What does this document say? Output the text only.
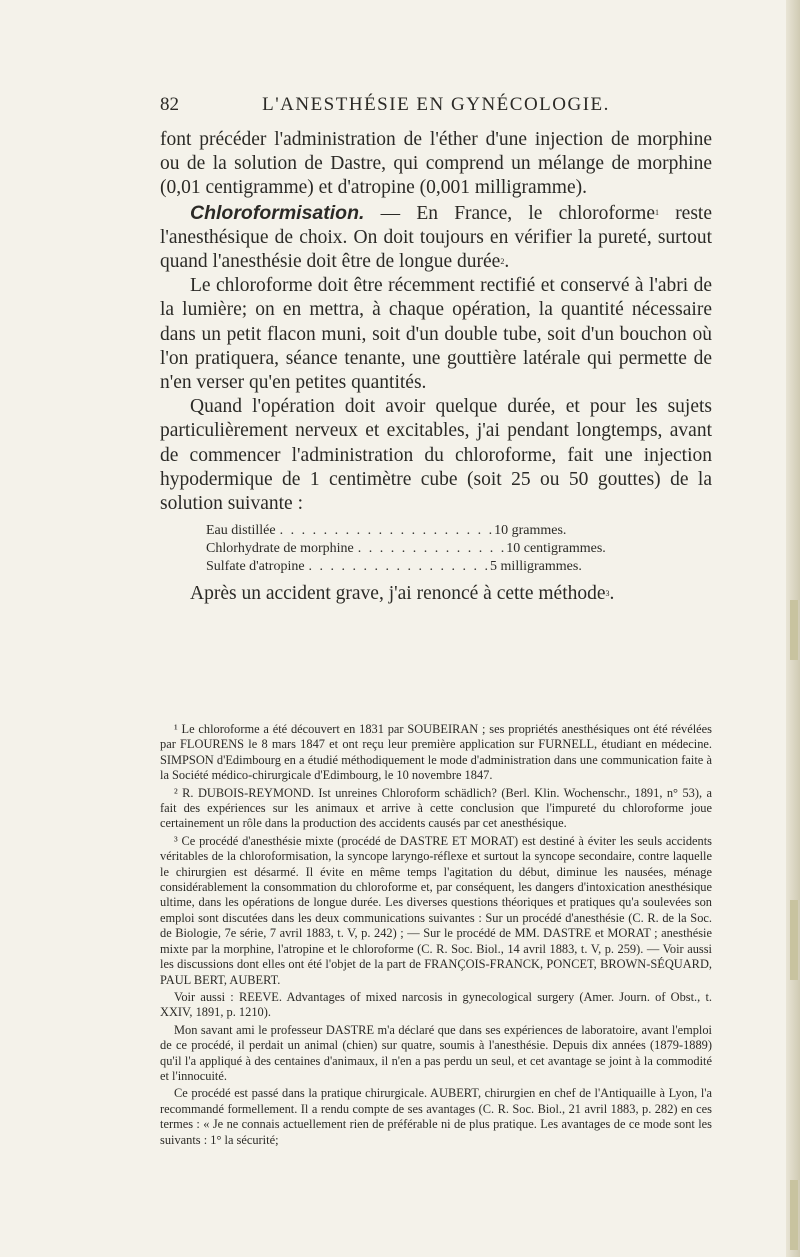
82	L'ANESTHÉSIE EN GYNÉCOLOGIE.

font précéder l'administration de l'éther d'une injection de morphine ou de la solution de Dastre, qui comprend un mélange de morphine (0,01 centigramme) et d'atropine (0,001 milligramme).

Chloroformisation. — En France, le chloroforme$^1$ reste l'anesthésique de choix. On doit toujours en vérifier la pureté, surtout quand l'anesthésie doit être de longue durée$^2$.

Le chloroforme doit être récemment rectifié et conservé à l'abri de la lumière; on en mettra, à chaque opération, la quantité nécessaire dans un petit flacon muni, soit d'un double tube, soit d'un bouchon où l'on pratiquera, séance tenante, une gouttière latérale qui permette de n'en verser qu'en petites quantités.

Quand l'opération doit avoir quelque durée, et pour les sujets particulièrement nerveux et excitables, j'ai pendant longtemps, avant de commencer l'administration du chloroforme, fait une injection hypodermique de 1 centimètre cube (soit 25 ou 50 gouttes) de la solution suivante :

Eau distillée . . . . . . . . . . . . . . . . . . . . 10 grammes.
Chlorhydrate de morphine . . . . . . . . . . . . . . 10 centigrammes.
Sulfate d'atropine . . . . . . . . . . . . . . . . . 5 milligrammes.

Après un accident grave, j'ai renoncé à cette méthode$^3$.

¹ Le chloroforme a été découvert en 1831 par SOUBEIRAN ; ses propriétés anesthésiques ont été révélées par FLOURENS le 8 mars 1847 et ont reçu leur première application sur FURNELL, étudiant en médecine. SIMPSON d'Edimbourg en a étudié méthodiquement le mode d'administration dans une communication faite à la Société médico-chirurgicale d'Edimbourg, le 10 novembre 1847.

² R. DUBOIS-REYMOND. Ist unreines Chloroform schädlich? (Berl. Klin. Wochenschr., 1891, n° 53), a fait des expériences sur les animaux et arrive à cette conclusion que l'impureté du chloroforme joue certainement un rôle dans la production des accidents causés par cet anesthésique.

³ Ce procédé d'anesthésie mixte (procédé de DASTRE ET MORAT) est destiné à éviter les seuls accidents véritables de la chloroformisation, la syncope laryngo-réflexe et surtout la syncope secondaire, contre laquelle le chirurgien est désarmé. Il évite en même temps l'agitation du début, diminue les nausées, ménage considérablement la consommation du chloroforme et, par conséquent, les dangers d'intoxication anesthésique ultime, dans les opérations de longue durée. Les diverses questions théoriques et pratiques qu'a soulevées son emploi sont discutées dans les deux communications suivantes : Sur un procédé d'anesthésie (C. R. de la Soc. de Biologie, 7e série, 7 avril 1883, t. V, p. 242) ; — Sur le procédé de MM. DASTRE et MORAT ; anesthésie mixte par la morphine, l'atropine et le chloroforme (C. R. Soc. Biol., 14 avril 1883, t. V, p. 259). — Voir aussi les discussions dont elles ont été l'objet de la part de FRANÇOIS-FRANCK, PONCET, BROWN-SÉQUARD, PAUL BERT, AUBERT.

Voir aussi : REEVE. Advantages of mixed narcosis in gynecological surgery (Amer. Journ. of Obst., t. XXIV, 1891, p. 1210).

Mon savant ami le professeur DASTRE m'a déclaré que dans ses expériences de laboratoire, avant l'emploi de ce procédé, il perdait un animal (chien) sur quatre, soumis à l'anesthésie. Depuis dix années (1879-1889) qu'il l'a appliqué à des centaines d'animaux, il n'en a pas perdu un seul, et cet avantage se joint à la commodité et l'innocuité.

Ce procédé est passé dans la pratique chirurgicale. AUBERT, chirurgien en chef de l'Antiquaille à Lyon, l'a recommandé formellement. Il a rendu compte de ses avantages (C. R. Soc. Biol., 21 avril 1883, p. 282) en ces termes : « Je ne connais actuellement rien de préférable ni de plus pratique. Les avantages de ce mode sont les suivants : 1° la sécurité;
